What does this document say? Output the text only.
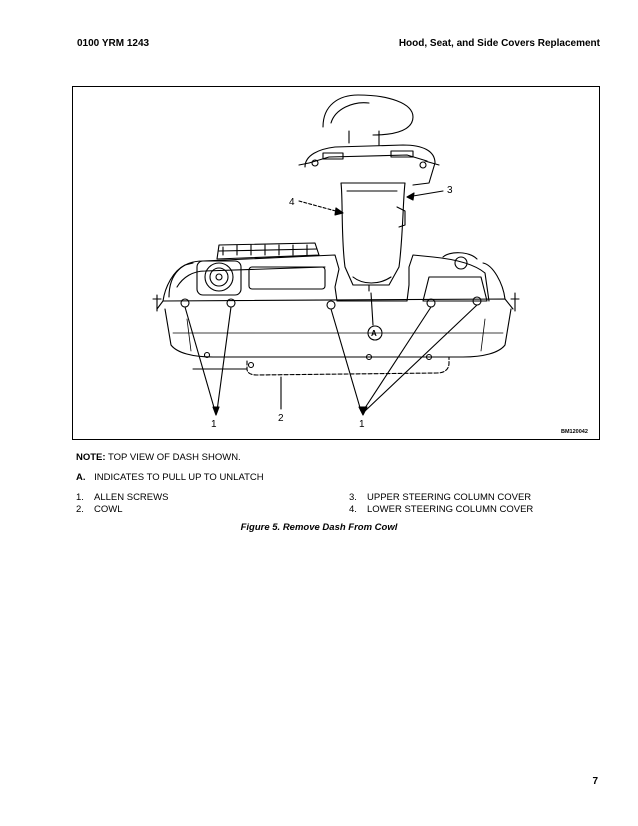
0100 YRM 1243	Hood, Seat, and Side Covers Replacement
1
2
1
3
4
A
BM120042
NOTE: TOP VIEW OF DASH SHOWN.
A. INDICATES TO PULL UP TO UNLATCH
1. ALLEN SCREWS
2. COWL
3. UPPER STEERING COLUMN COVER
4. LOWER STEERING COLUMN COVER
Figure 5. Remove Dash From Cowl
7
